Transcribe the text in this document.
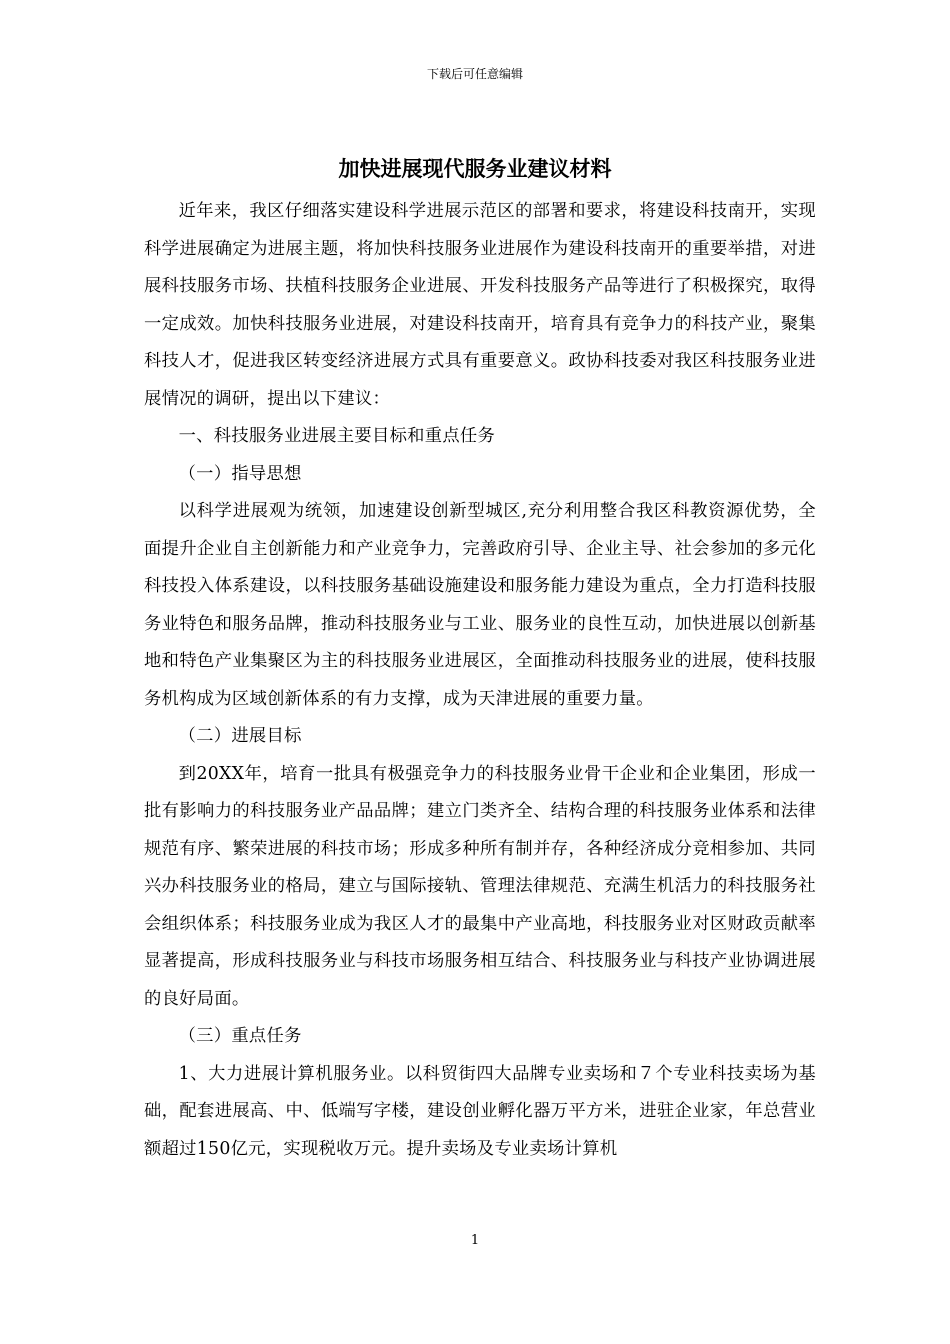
下载后可任意编辑
加快进展现代服务业建议材料

近年来，我区仔细落实建设科学进展示范区的部署和要求，将建设科技南开，实现科学进展确定为进展主题，将加快科技服务业进展作为建设科技南开的重要举措，对进展科技服务市场、扶植科技服务企业进展、开发科技服务产品等进行了积极探究，取得一定成效。加快科技服务业进展，对建设科技南开，培育具有竞争力的科技产业，聚集科技人才，促进我区转变经济进展方式具有重要意义。政协科技委对我区科技服务业进展情况的调研，提出以下建议：

一、科技服务业进展主要目标和重点任务

（一）指导思想

以科学进展观为统领，加速建设创新型城区,充分利用整合我区科教资源优势，全面提升企业自主创新能力和产业竞争力，完善政府引导、企业主导、社会参加的多元化科技投入体系建设，以科技服务基础设施建设和服务能力建设为重点，全力打造科技服务业特色和服务品牌，推动科技服务业与工业、服务业的良性互动，加快进展以创新基地和特色产业集聚区为主的科技服务业进展区，全面推动科技服务业的进展，使科技服务机构成为区域创新体系的有力支撑，成为天津进展的重要力量。

（二）进展目标

到20XX年，培育一批具有极强竞争力的科技服务业骨干企业和企业集团，形成一批有影响力的科技服务业产品品牌；建立门类齐全、结构合理的科技服务业体系和法律规范有序、繁荣进展的科技市场；形成多种所有制并存，各种经济成分竞相参加、共同兴办科技服务业的格局，建立与国际接轨、管理法律规范、充满生机活力的科技服务社会组织体系；科技服务业成为我区人才的最集中产业高地，科技服务业对区财政贡献率显著提高，形成科技服务业与科技市场服务相互结合、科技服务业与科技产业协调进展的良好局面。

（三）重点任务

1、大力进展计算机服务业。以科贸街四大品牌专业卖场和７个专业科技卖场为基础，配套进展高、中、低端写字楼，建设创业孵化器万平方米，进驻企业家，年总营业额超过150亿元，实现税收万元。提升卖场及专业卖场计算机

1
